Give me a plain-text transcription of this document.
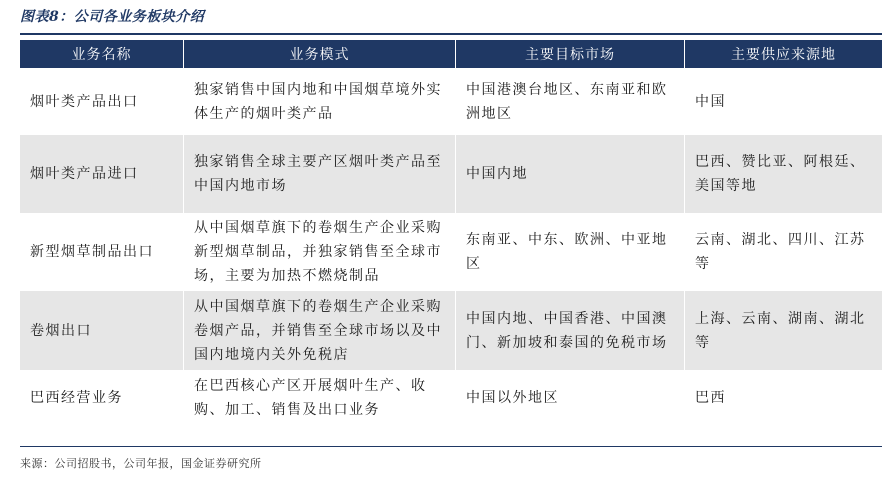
图表8：公司各业务板块介绍
业务名称	业务模式	主要目标市场	主要供应来源地
烟叶类产品出口	独家销售中国内地和中国烟草境外实体生产的烟叶类产品	中国港澳台地区、东南亚和欧洲地区	中国
烟叶类产品进口	独家销售全球主要产区烟叶类产品至中国内地市场	中国内地	巴西、赞比亚、阿根廷、美国等地
新型烟草制品出口	从中国烟草旗下的卷烟生产企业采购新型烟草制品，并独家销售至全球市场，主要为加热不燃烧制品	东南亚、中东、欧洲、中亚地区	云南、湖北、四川、江苏等
卷烟出口	从中国烟草旗下的卷烟生产企业采购卷烟产品，并销售至全球市场以及中国内地境内关外免税店	中国内地、中国香港、中国澳门、新加坡和泰国的免税市场	上海、云南、湖南、湖北等
巴西经营业务	在巴西核心产区开展烟叶生产、收购、加工、销售及出口业务	中国以外地区	巴西
来源：公司招股书，公司年报，国金证券研究所
